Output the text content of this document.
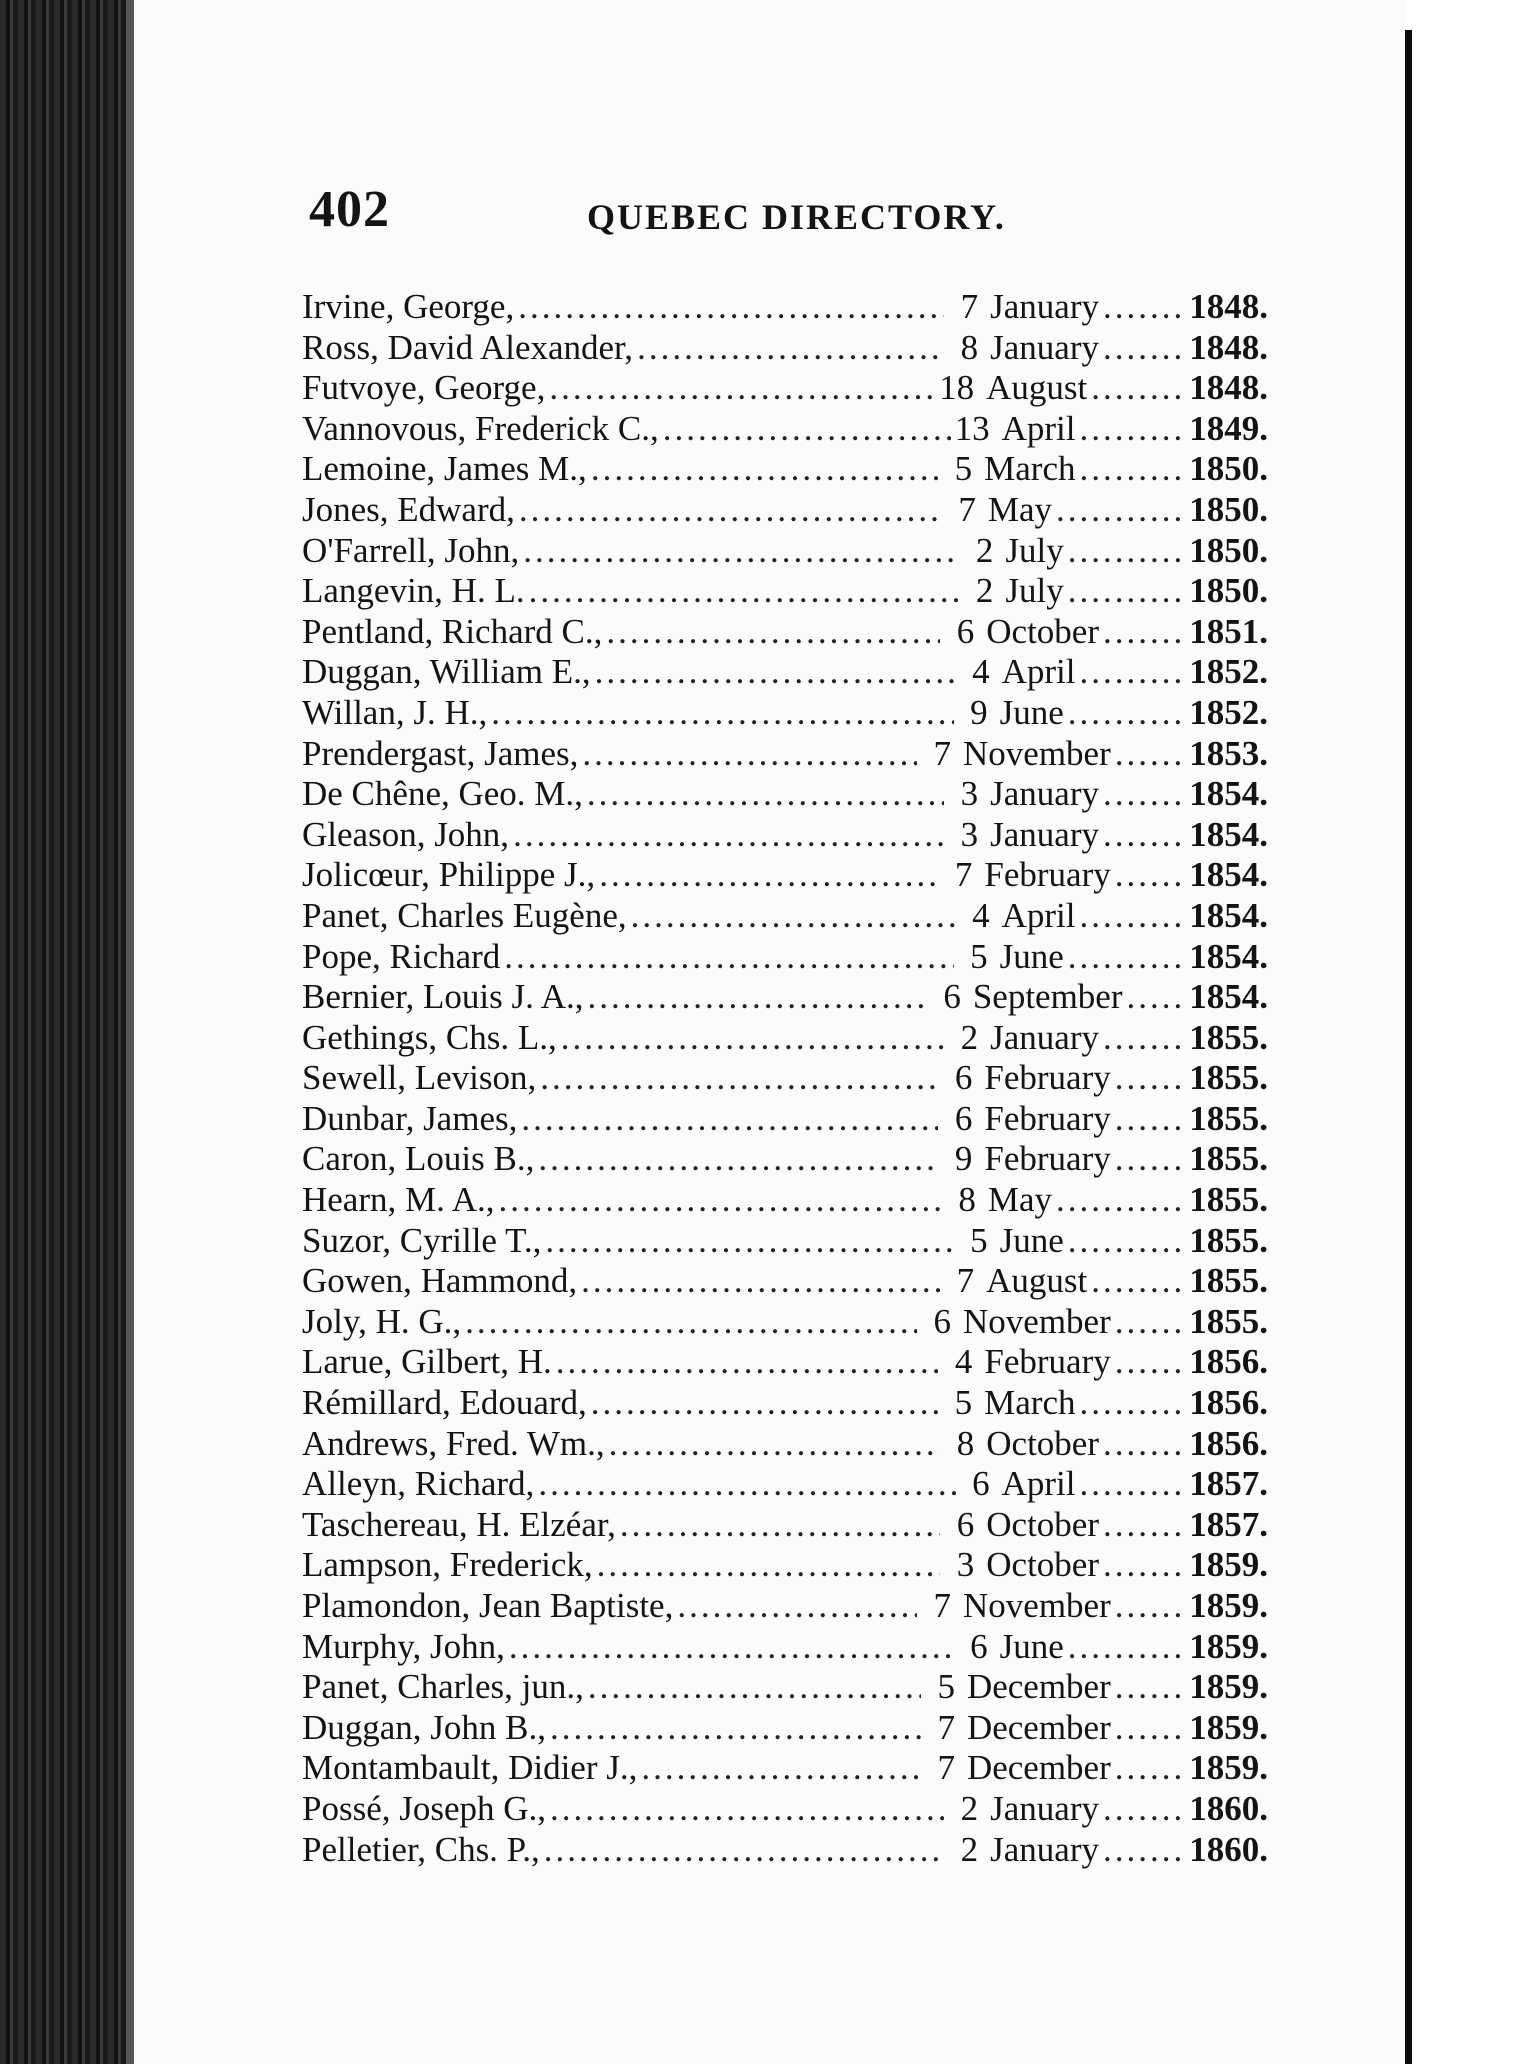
402	QUEBEC DIRECTORY.
Irvine, George, .....	7 January ....... 1848.
Ross, David Alexander, .....	8 January ....... 1848.
Futvoye, George, .....	18 August ........ 1848.
Vannovous, Frederick C., .....	13 April ......... 1849.
Lemoine, James M., .....	5 March ......... 1850.
Jones, Edward, .....	7 May ........... 1850.
O'Farrell, John, .....	2 July .......... 1850.
Langevin, H. L. .....	2 July .......... 1850.
Pentland, Richard C., .....	6 October ....... 1851.
Duggan, William E., .....	4 April ......... 1852.
Willan, J. H., .....	9 June .......... 1852.
Prendergast, James, .....	7 November ...... 1853.
De Chêne, Geo. M., .....	3 January ....... 1854.
Gleason, John, .....	3 January ....... 1854.
Jolicœur, Philippe J., .....	7 February ...... 1854.
Panet, Charles Eugène, .....	4 April ......... 1854.
Pope, Richard .....	5 June .......... 1854.
Bernier, Louis J. A., .....	6 September ..... 1854.
Gethings, Chs. L., .....	2 January ....... 1855.
Sewell, Levison, .....	6 February ...... 1855.
Dunbar, James, .....	6 February ...... 1855.
Caron, Louis B., .....	9 February ...... 1855.
Hearn, M. A., .....	8 May ........... 1855.
Suzor, Cyrille T., .....	5 June .......... 1855.
Gowen, Hammond, .....	7 August ........ 1855.
Joly, H. G., .....	6 November ...... 1855.
Larue, Gilbert, H. .....	4 February ...... 1856.
Rémillard, Edouard, .....	5 March ......... 1856.
Andrews, Fred. Wm., .....	8 October ....... 1856.
Alleyn, Richard, .....	6 April ......... 1857.
Taschereau, H. Elzéar, .....	6 October ....... 1857.
Lampson, Frederick, .....	3 October ....... 1859.
Plamondon, Jean Baptiste, .....	7 November ...... 1859.
Murphy, John, .....	6 June .......... 1859.
Panet, Charles, jun., .....	5 December ...... 1859.
Duggan, John B., .....	7 December ...... 1859.
Montambault, Didier J., .....	7 December ...... 1859.
Possé, Joseph G., .....	2 January ....... 1860.
Pelletier, Chs. P., .....	2 January ....... 1860.
